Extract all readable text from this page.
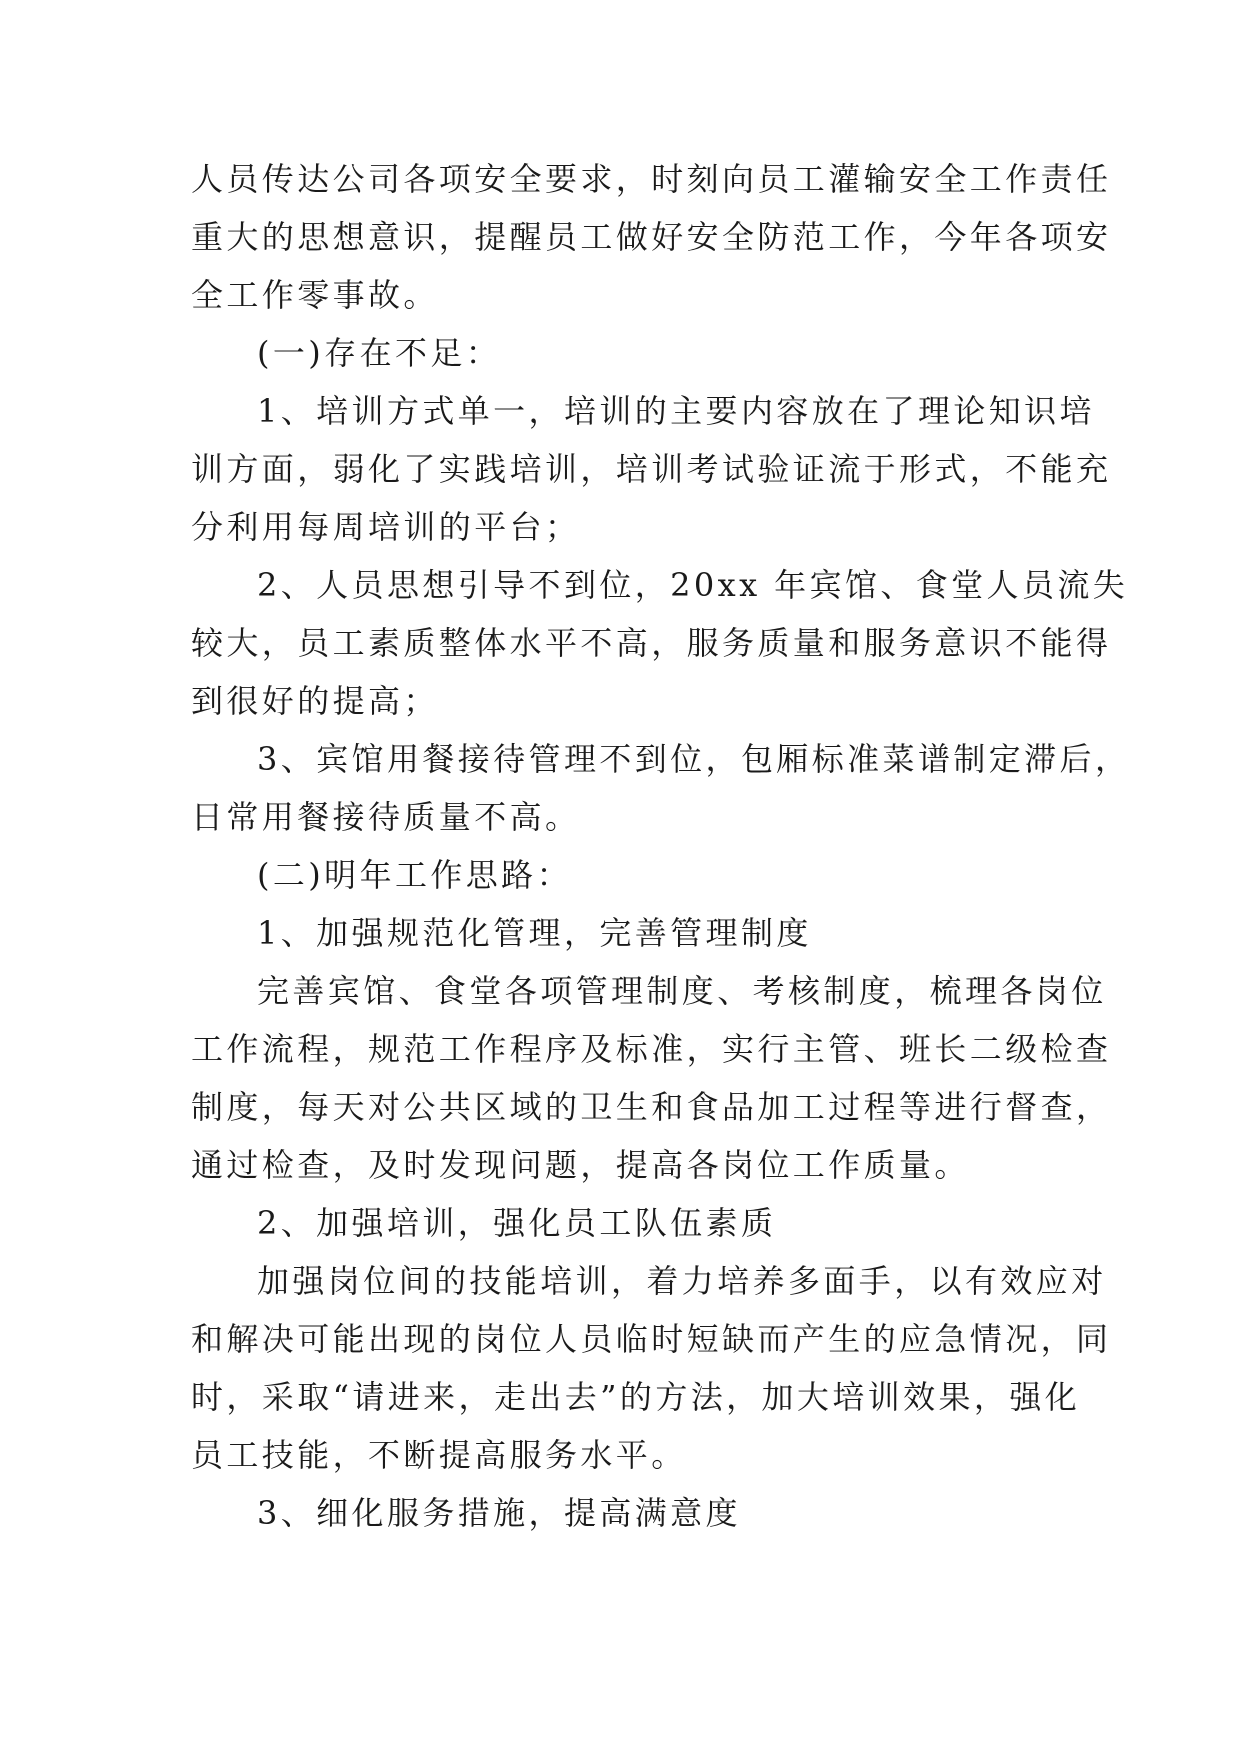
人员传达公司各项安全要求，时刻向员工灌输安全工作责任
重大的思想意识，提醒员工做好安全防范工作，今年各项安
全工作零事故。

(一)存在不足：

1、培训方式单一，培训的主要内容放在了理论知识培
训方面，弱化了实践培训，培训考试验证流于形式，不能充
分利用每周培训的平台；

2、人员思想引导不到位，20xx 年宾馆、食堂人员流失
较大，员工素质整体水平不高，服务质量和服务意识不能得
到很好的提高；

3、宾馆用餐接待管理不到位，包厢标准菜谱制定滞后，
日常用餐接待质量不高。

(二)明年工作思路：

1、加强规范化管理，完善管理制度

完善宾馆、食堂各项管理制度、考核制度，梳理各岗位
工作流程，规范工作程序及标准，实行主管、班长二级检查
制度，每天对公共区域的卫生和食品加工过程等进行督查，
通过检查，及时发现问题，提高各岗位工作质量。

2、加强培训，强化员工队伍素质

加强岗位间的技能培训，着力培养多面手，以有效应对
和解决可能出现的岗位人员临时短缺而产生的应急情况，同
时，采取“请进来，走出去”的方法，加大培训效果，强化
员工技能，不断提高服务水平。

3、细化服务措施，提高满意度
